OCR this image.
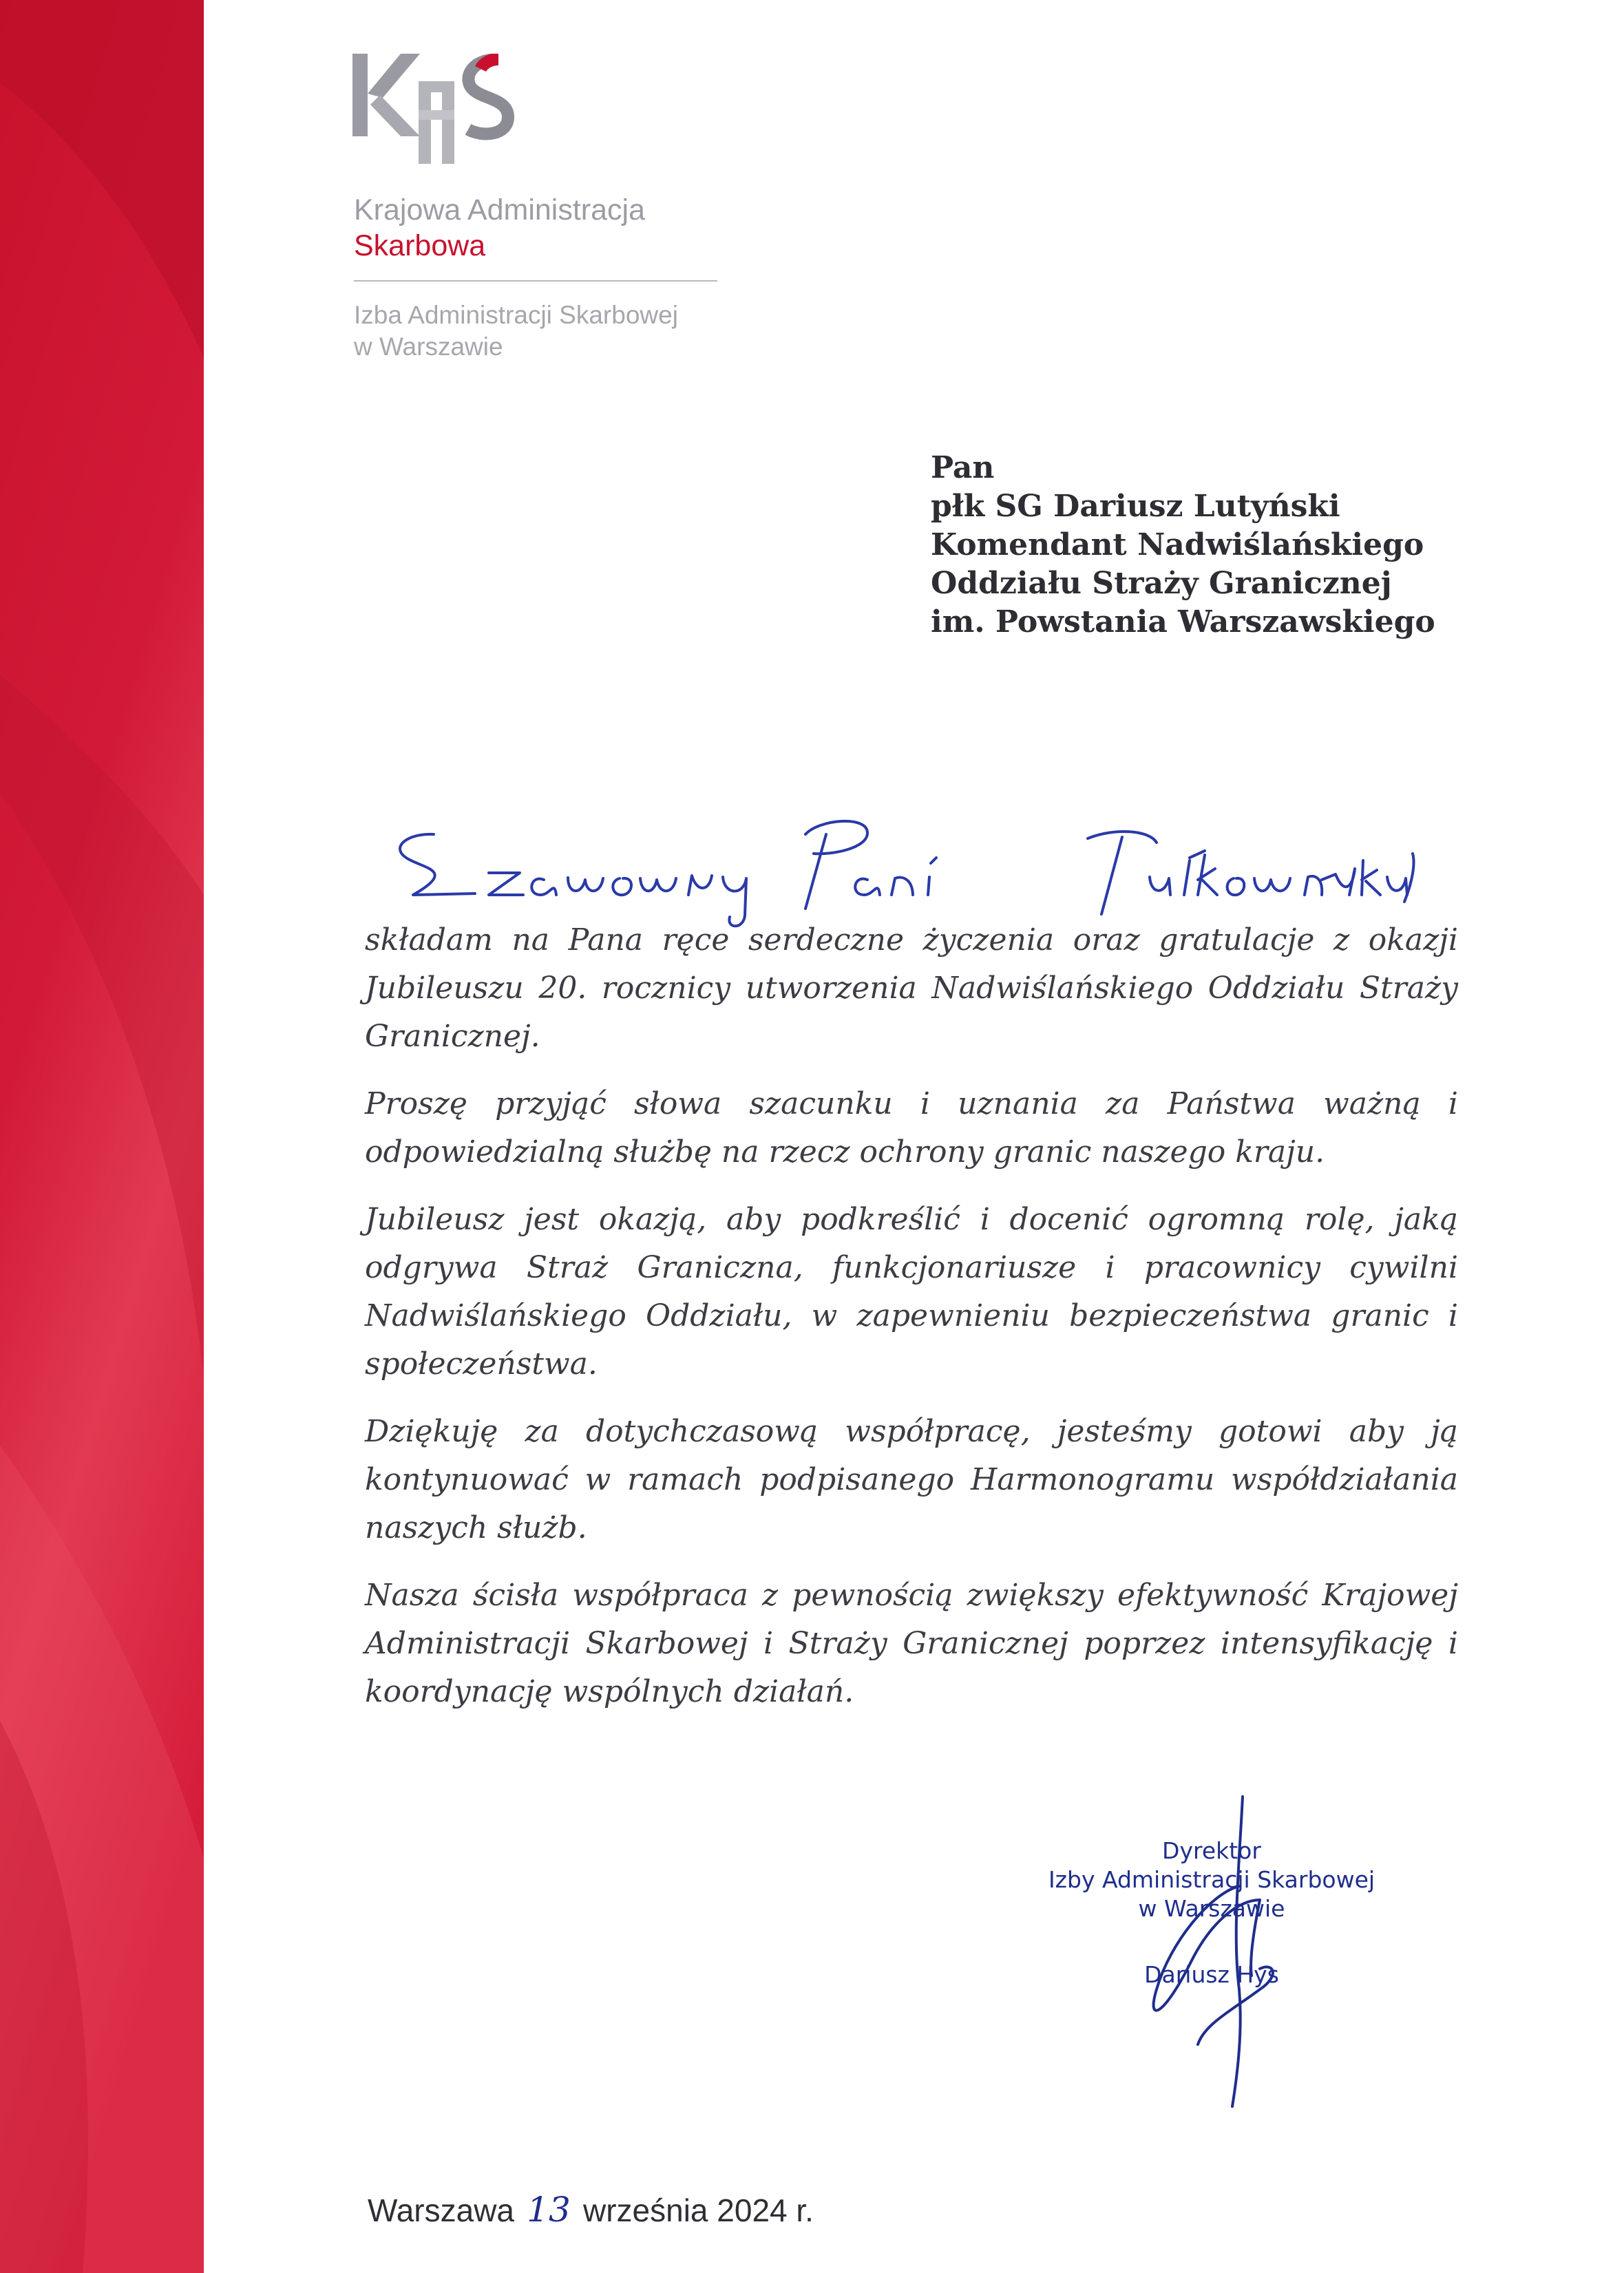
Krajowa Administracja
Skarbowa
Izba Administracji Skarbowej
w Warszawie
Pan
płk SG Dariusz Lutyński
Komendant Nadwiślańskiego
Oddziału Straży Granicznej
im. Powstania Warszawskiego

składam na Pana ręce serdeczne życzenia oraz gratulacje z okazji Jubileuszu 20. rocznicy utworzenia Nadwiślańskiego Oddziału Straży Granicznej.

Proszę przyjąć słowa szacunku i uznania za Państwa ważną i odpowiedzialną służbę na rzecz ochrony granic naszego kraju.

Jubileusz jest okazją, aby podkreślić i docenić ogromną rolę, jaką odgrywa Straż Graniczna, funkcjonariusze i pracownicy cywilni Nadwiślańskiego Oddziału, w zapewnieniu bezpieczeństwa granic i społeczeństwa.

Dziękuję za dotychczasową współpracę, jesteśmy gotowi aby ją kontynuować w ramach podpisanego Harmonogramu współdziałania naszych służb.

Nasza ścisła współpraca z pewnością zwiększy efektywność Krajowej Administracji Skarbowej i Straży Granicznej poprzez intensyfikację i koordynację wspólnych działań.

Dyrektor
Izby Administracji Skarbowej
w Warszawie
Dariusz Hys
Warszawa 13 września 2024 r.
